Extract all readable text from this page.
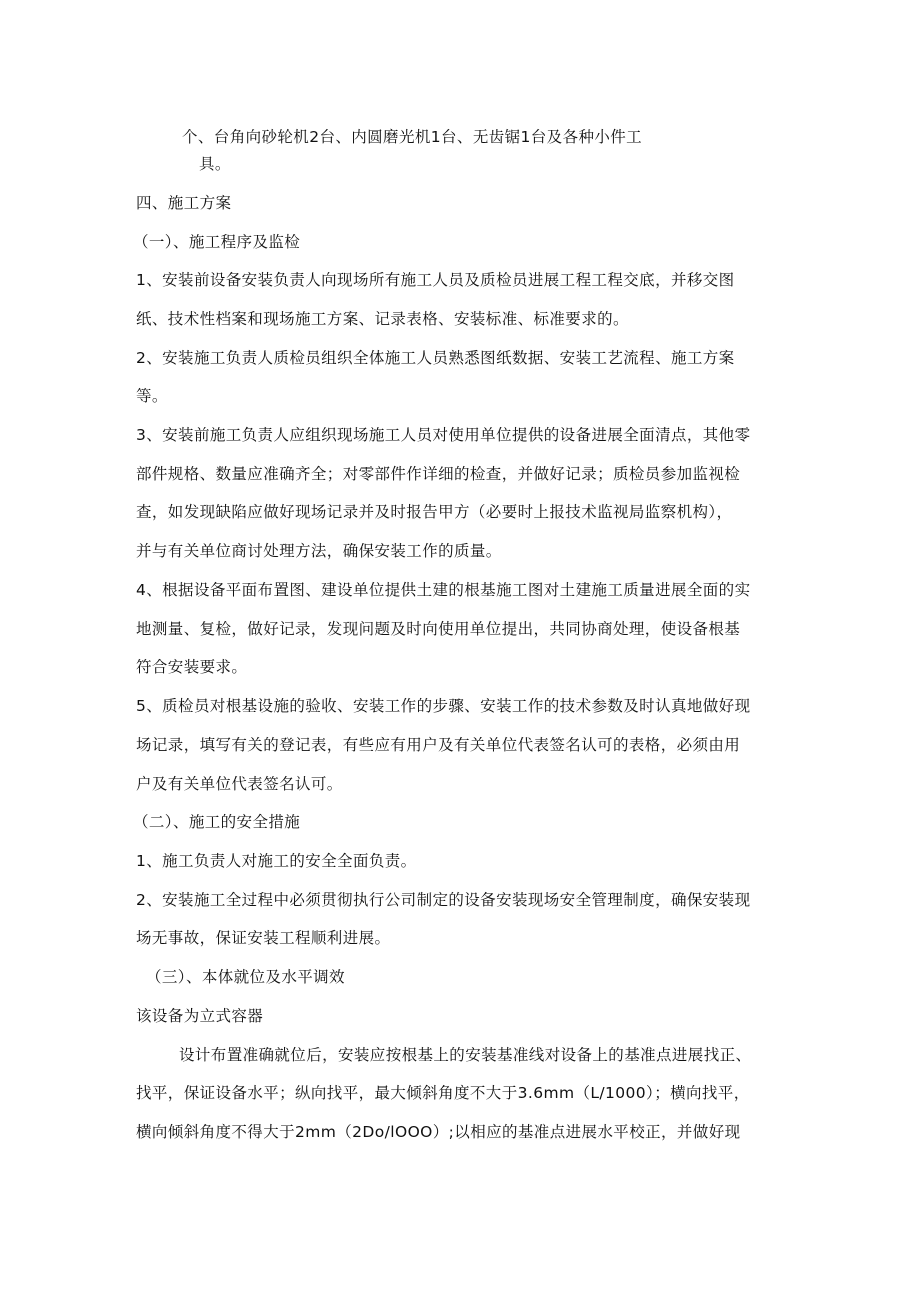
个、台角向砂轮机2台、内圆磨光机1台、无齿锯1台及各种小件工
具。
四、施工方案
（一）、施工程序及监检
1、安装前设备安装负责人向现场所有施工人员及质检员进展工程工程交底，并移交图
纸、技术性档案和现场施工方案、记录表格、安装标准、标准要求的。
2、安装施工负责人质检员组织全体施工人员熟悉图纸数据、安装工艺流程、施工方案
等。
3、安装前施工负责人应组织现场施工人员对使用单位提供的设备进展全面清点，其他零
部件规格、数量应准确齐全；对零部件作详细的检查，并做好记录；质检员参加监视检
查，如发现缺陷应做好现场记录并及时报告甲方（必要时上报技术监视局监察机构），
并与有关单位商讨处理方法，确保安装工作的质量。
4、根据设备平面布置图、建设单位提供土建的根基施工图对土建施工质量进展全面的实
地测量、复检，做好记录，发现问题及时向使用单位提出，共同协商处理，使设备根基
符合安装要求。
5、质检员对根基设施的验收、安装工作的步骤、安装工作的技术参数及时认真地做好现
场记录，填写有关的登记表，有些应有用户及有关单位代表签名认可的表格，必须由用
户及有关单位代表签名认可。
（二）、施工的安全措施
1、施工负责人对施工的安全全面负责。
2、安装施工全过程中必须贯彻执行公司制定的设备安装现场安全管理制度，确保安装现
场无事故，保证安装工程顺利进展。
（三）、本体就位及水平调效
该设备为立式容器
设计布置准确就位后，安装应按根基上的安装基准线对设备上的基准点进展找正、
找平，保证设备水平；纵向找平，最大倾斜角度不大于3.6mm（L/1000）；横向找平，
横向倾斜角度不得大于2mm（2Do/lOOO）;以相应的基准点进展水平校正，并做好现
